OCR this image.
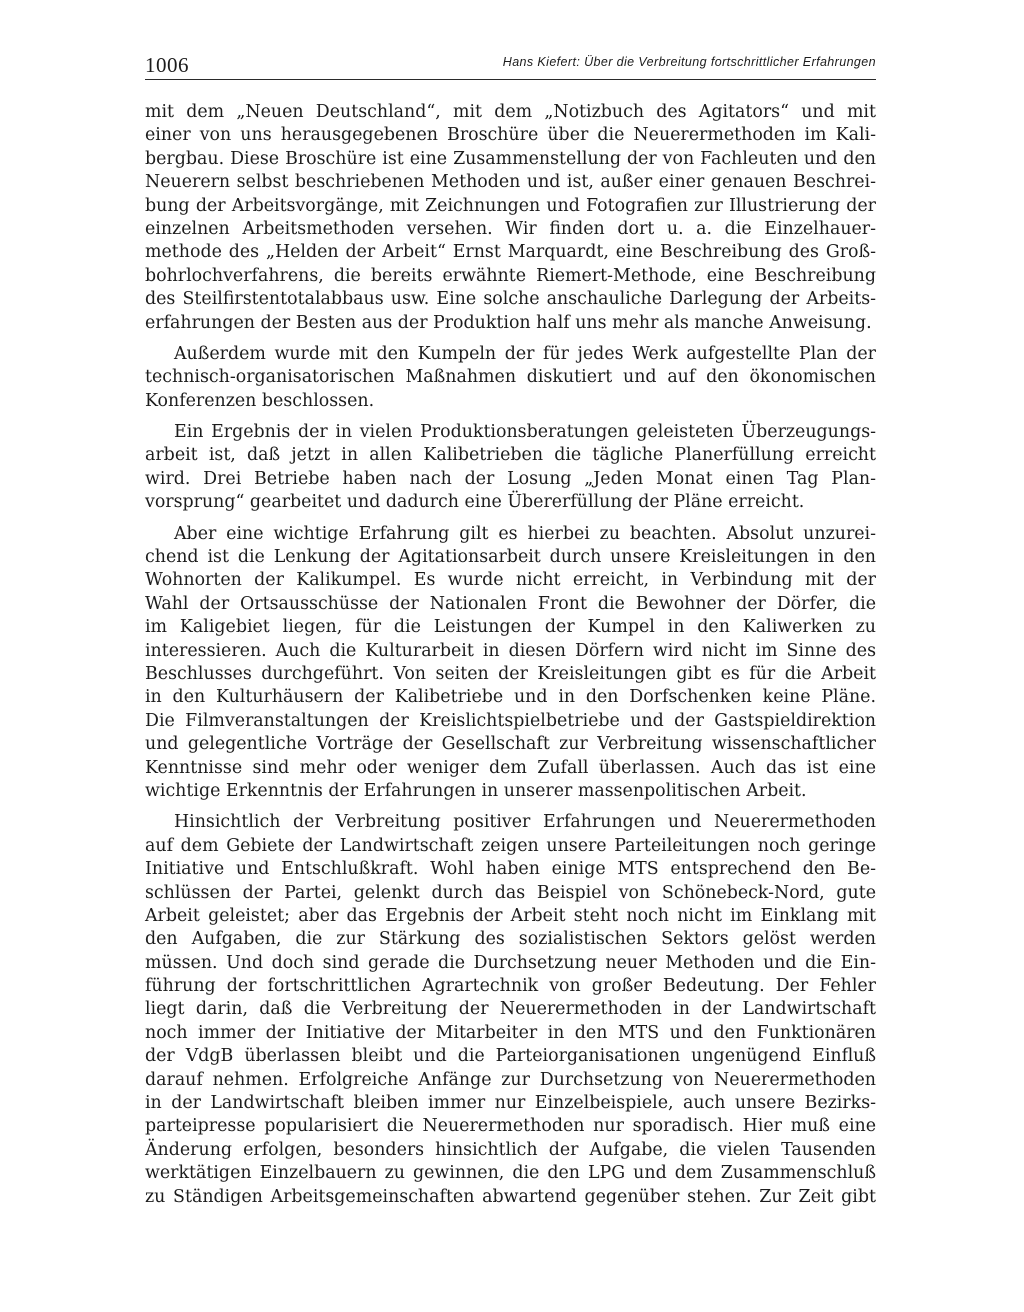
1006	Hans Kiefert: Über die Verbreitung fortschrittlicher Erfahrungen
mit dem „Neuen Deutschland“, mit dem „Notizbuch des Agitators“ und mit
einer von uns herausgegebenen Broschüre über die Neuerermethoden im Kali-
bergbau. Diese Broschüre ist eine Zusammenstellung der von Fachleuten und den
Neuerern selbst beschriebenen Methoden und ist, außer einer genauen Beschrei-
bung der Arbeitsvorgänge, mit Zeichnungen und Fotografien zur Illustrierung der
einzelnen Arbeitsmethoden versehen. Wir finden dort u. a. die Einzelhauer-
methode des „Helden der Arbeit“ Ernst Marquardt, eine Beschreibung des Groß-
bohrlochverfahrens, die bereits erwähnte Riemert-Methode, eine Beschreibung
des Steilfirstentotalabbaus usw. Eine solche anschauliche Darlegung der Arbeits-
erfahrungen der Besten aus der Produktion half uns mehr als manche Anweisung.
Außerdem wurde mit den Kumpeln der für jedes Werk aufgestellte Plan der
technisch-organisatorischen Maßnahmen diskutiert und auf den ökonomischen
Konferenzen beschlossen.
Ein Ergebnis der in vielen Produktionsberatungen geleisteten Überzeugungs-
arbeit ist, daß jetzt in allen Kalibetrieben die tägliche Planerfüllung erreicht
wird. Drei Betriebe haben nach der Losung „Jeden Monat einen Tag Plan-
vorsprung“ gearbeitet und dadurch eine Übererfüllung der Pläne erreicht.
Aber eine wichtige Erfahrung gilt es hierbei zu beachten. Absolut unzurei-
chend ist die Lenkung der Agitationsarbeit durch unsere Kreisleitungen in den
Wohnorten der Kalikumpel. Es wurde nicht erreicht, in Verbindung mit der
Wahl der Ortsausschüsse der Nationalen Front die Bewohner der Dörfer, die
im Kaligebiet liegen, für die Leistungen der Kumpel in den Kaliwerken zu
interessieren. Auch die Kulturarbeit in diesen Dörfern wird nicht im Sinne des
Beschlusses durchgeführt. Von seiten der Kreisleitungen gibt es für die Arbeit
in den Kulturhäusern der Kalibetriebe und in den Dorfschenken keine Pläne.
Die Filmveranstaltungen der Kreislichtspielbetriebe und der Gastspieldirektion
und gelegentliche Vorträge der Gesellschaft zur Verbreitung wissenschaftlicher
Kenntnisse sind mehr oder weniger dem Zufall überlassen. Auch das ist eine
wichtige Erkenntnis der Erfahrungen in unserer massenpolitischen Arbeit.
Hinsichtlich der Verbreitung positiver Erfahrungen und Neuerermethoden
auf dem Gebiete der Landwirtschaft zeigen unsere Parteileitungen noch geringe
Initiative und Entschlußkraft. Wohl haben einige MTS entsprechend den Be-
schlüssen der Partei, gelenkt durch das Beispiel von Schönebeck-Nord, gute
Arbeit geleistet; aber das Ergebnis der Arbeit steht noch nicht im Einklang mit
den Aufgaben, die zur Stärkung des sozialistischen Sektors gelöst werden
müssen. Und doch sind gerade die Durchsetzung neuer Methoden und die Ein-
führung der fortschrittlichen Agrartechnik von großer Bedeutung. Der Fehler
liegt darin, daß die Verbreitung der Neuerermethoden in der Landwirtschaft
noch immer der Initiative der Mitarbeiter in den MTS und den Funktionären
der VdgB überlassen bleibt und die Parteiorganisationen ungenügend Einfluß
darauf nehmen. Erfolgreiche Anfänge zur Durchsetzung von Neuerermethoden
in der Landwirtschaft bleiben immer nur Einzelbeispiele, auch unsere Bezirks-
parteipresse popularisiert die Neuerermethoden nur sporadisch. Hier muß eine
Änderung erfolgen, besonders hinsichtlich der Aufgabe, die vielen Tausenden
werktätigen Einzelbauern zu gewinnen, die den LPG und dem Zusammenschluß
zu Ständigen Arbeitsgemeinschaften abwartend gegenüber stehen. Zur Zeit gibt
